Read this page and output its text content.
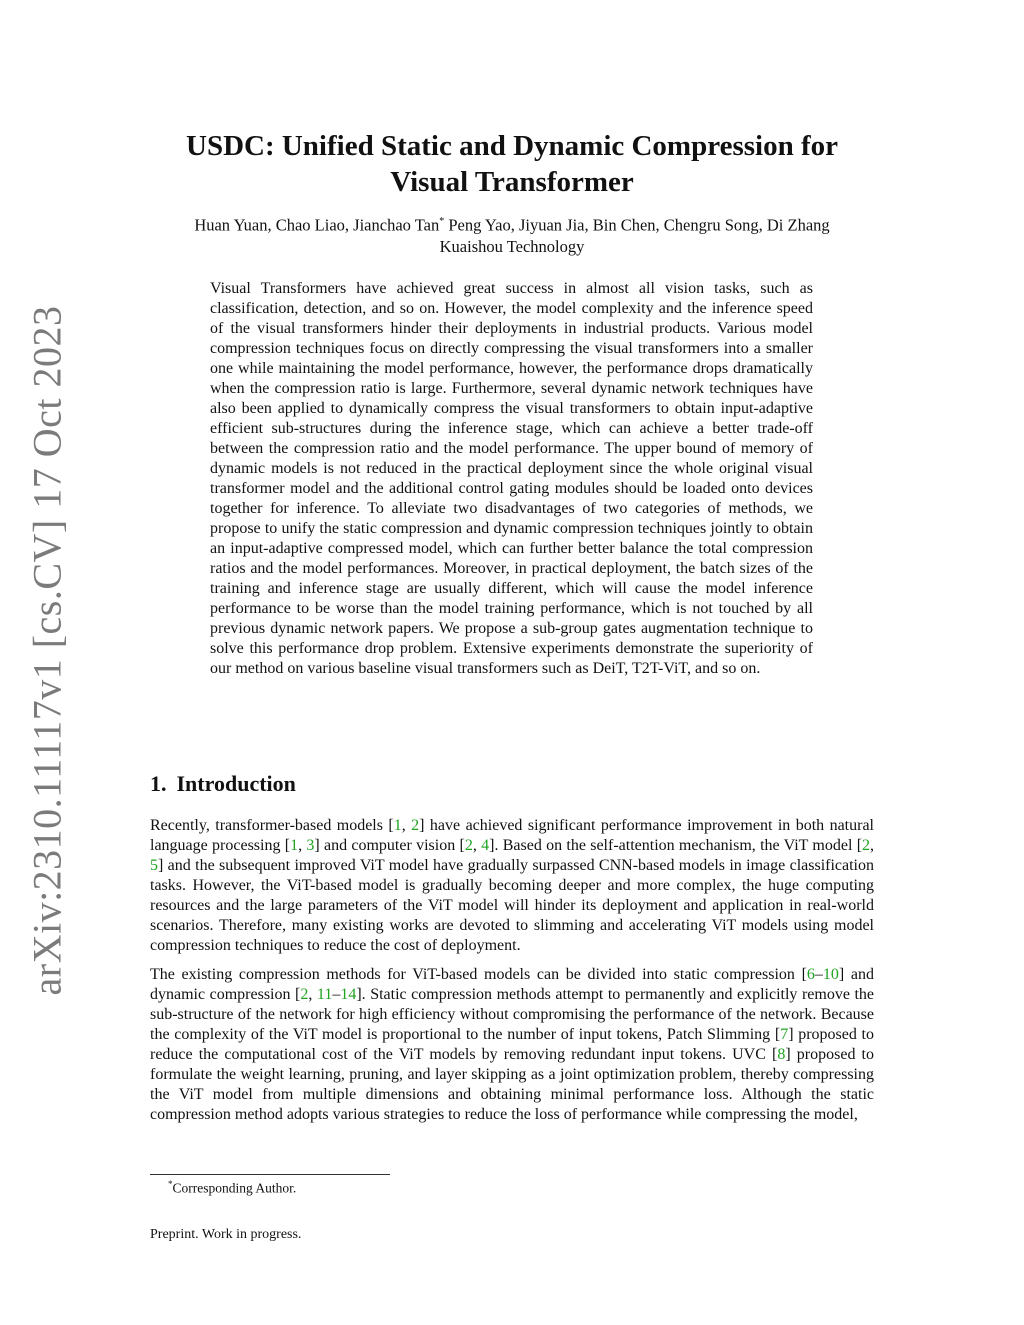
arXiv:2310.11117v1 [cs.CV] 17 Oct 2023
USDC: Unified Static and Dynamic Compression for
Visual Transformer
Huan Yuan, Chao Liao, Jianchao Tan* Peng Yao, Jiyuan Jia, Bin Chen, Chengru Song, Di Zhang
Kuaishou Technology
Visual Transformers have achieved great success in almost all vision tasks, such as classification, detection, and so on. However, the model complexity and the inference speed of the visual transformers hinder their deployments in industrial products. Various model compression techniques focus on directly compressing the visual transformers into a smaller one while maintaining the model performance, however, the performance drops dramatically when the compression ratio is large. Furthermore, several dynamic network techniques have also been applied to dynamically compress the visual transformers to obtain input-adaptive efficient sub-structures during the inference stage, which can achieve a better trade-off between the compression ratio and the model performance. The upper bound of memory of dynamic models is not reduced in the practical deployment since the whole original visual transformer model and the additional control gating modules should be loaded onto devices together for inference. To alleviate two disadvantages of two categories of methods, we propose to unify the static compression and dynamic compression techniques jointly to obtain an input-adaptive compressed model, which can further better balance the total compression ratios and the model performances. Moreover, in practical deployment, the batch sizes of the training and inference stage are usually different, which will cause the model inference performance to be worse than the model training performance, which is not touched by all previous dynamic network papers. We propose a sub-group gates augmentation technique to solve this performance drop problem. Extensive experiments demonstrate the superiority of our method on various baseline visual transformers such as DeiT, T2T-ViT, and so on.
1. Introduction

Recently, transformer-based models [1, 2] have achieved significant performance improvement in both natural language processing [1, 3] and computer vision [2, 4]. Based on the self-attention mechanism, the ViT model [2, 5] and the subsequent improved ViT model have gradually surpassed CNN-based models in image classification tasks. However, the ViT-based model is gradually becoming deeper and more complex, the huge computing resources and the large parameters of the ViT model will hinder its deployment and application in real-world scenarios. Therefore, many existing works are devoted to slimming and accelerating ViT models using model compression techniques to reduce the cost of deployment.

The existing compression methods for ViT-based models can be divided into static compression [6–10] and dynamic compression [2, 11–14]. Static compression methods attempt to permanently and explicitly remove the sub-structure of the network for high efficiency without compromising the performance of the network. Because the complexity of the ViT model is proportional to the number of input tokens, Patch Slimming [7] proposed to reduce the computational cost of the ViT models by removing redundant input tokens. UVC [8] proposed to formulate the weight learning, pruning, and layer skipping as a joint optimization problem, thereby compressing the ViT model from multiple dimensions and obtaining minimal performance loss. Although the static compression method adopts various strategies to reduce the loss of performance while compressing the model,

*Corresponding Author.
Preprint. Work in progress.
